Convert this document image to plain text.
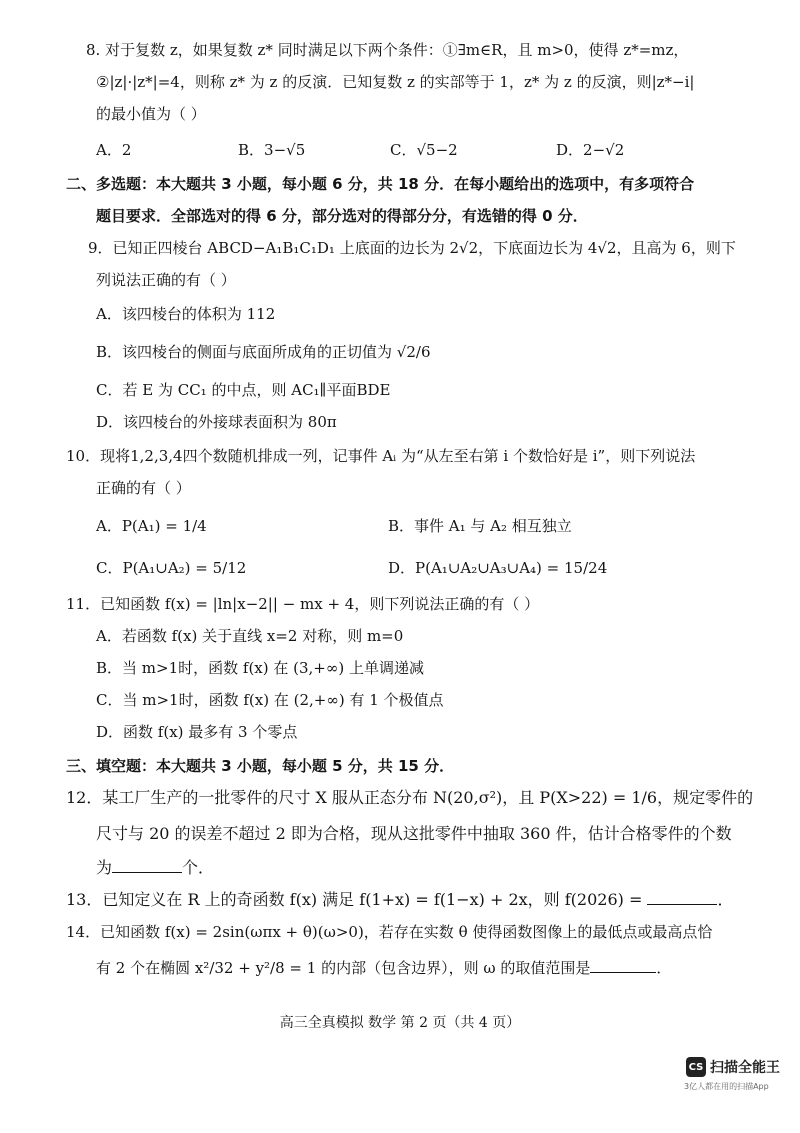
8. 对于复数 z，如果复数 z* 同时满足以下两个条件：①∃m∈R，且 m>0，使得 z*=mz，
②|z|·|z*|=4，则称 z* 为 z 的反演．已知复数 z 的实部等于 1，z* 为 z 的反演，则|z*−i|
的最小值为（ ）
A．2	B．3−√5	C．√5−2	D．2−√2
二、多选题：本大题共 3 小题，每小题 6 分，共 18 分．在每小题给出的选项中，有多项符合
题目要求．全部选对的得 6 分，部分选对的得部分分，有选错的得 0 分．
9．已知正四棱台 ABCD−A₁B₁C₁D₁ 上底面的边长为 2√2，下底面边长为 4√2，且高为 6，则下
列说法正确的有（ ）
A．该四棱台的体积为 112
B．该四棱台的侧面与底面所成角的正切值为 √2/6
C．若 E 为 CC₁ 的中点，则 AC₁∥平面BDE
D．该四棱台的外接球表面积为 80π
10．现将1,2,3,4四个数随机排成一列，记事件 Aᵢ 为“从左至右第 i 个数恰好是 i”，则下列说法
正确的有（ ）
A．P(A₁) = 1/4	B．事件 A₁ 与 A₂ 相互独立
C．P(A₁∪A₂) = 5/12	D．P(A₁∪A₂∪A₃∪A₄) = 15/24
11．已知函数 f(x) = |ln|x−2|| − mx + 4，则下列说法正确的有（ ）
A．若函数 f(x) 关于直线 x=2 对称，则 m=0
B．当 m>1时，函数 f(x) 在 (3,+∞) 上单调递减
C．当 m>1时，函数 f(x) 在 (2,+∞) 有 1 个极值点
D．函数 f(x) 最多有 3 个零点
三、填空题：本大题共 3 小题，每小题 5 分，共 15 分．
12．某工厂生产的一批零件的尺寸 X 服从正态分布 N(20,σ²)，且 P(X>22) = 1/6，规定零件的
尺寸与 20 的误差不超过 2 即为合格，现从这批零件中抽取 360 件，估计合格零件的个数
为	个．
13．已知定义在 R 上的奇函数 f(x) 满足 f(1+x) = f(1−x) + 2x，则 f(2026) =	．
14．已知函数 f(x) = 2sin(ωπx + θ)(ω>0)，若存在实数 θ 使得函数图像上的最低点或最高点恰
有 2 个在椭圆 x²/32 + y²/8 = 1 的内部（包含边界），则 ω 的取值范围是	．
高三全真模拟 数学 第 2 页（共 4 页）
CS 扫描全能王
3亿人都在用的扫描App
